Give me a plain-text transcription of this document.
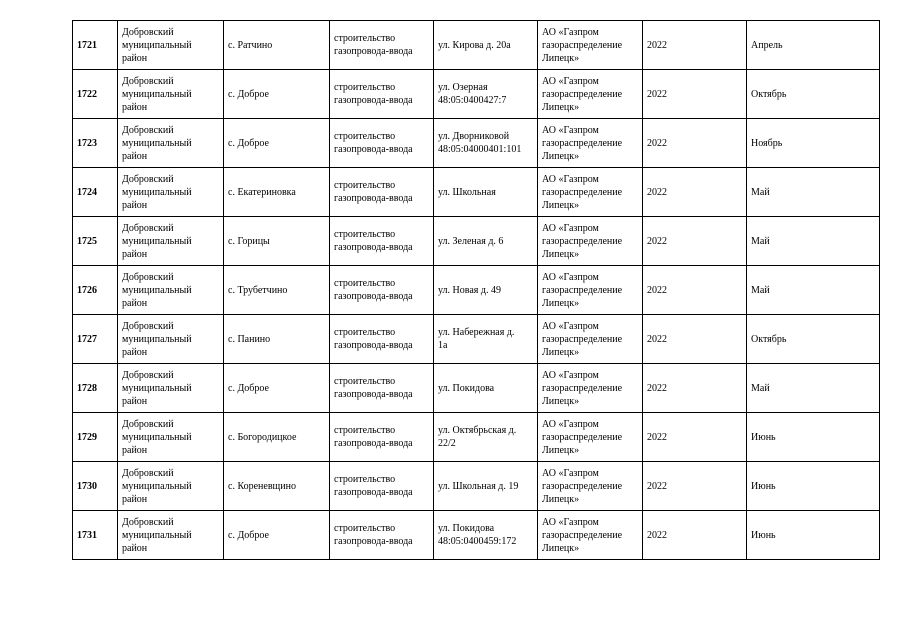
1721	Добровский
муниципальный
район	с. Ратчино	строительство
газопровода-ввода	ул. Кирова д. 20а	АО «Газпром
газораспределение
Липецк»	2022	Апрель
1722	Добровский
муниципальный
район	с. Доброе	строительство
газопровода-ввода	ул. Озерная
48:05:0400427:7	АО «Газпром
газораспределение
Липецк»	2022	Октябрь
1723	Добровский
муниципальный
район	с. Доброе	строительство
газопровода-ввода	ул. Дворниковой
48:05:04000401:101	АО «Газпром
газораспределение
Липецк»	2022	Ноябрь
1724	Добровский
муниципальный
район	с. Екатериновка	строительство
газопровода-ввода	ул. Школьная	АО «Газпром
газораспределение
Липецк»	2022	Май
1725	Добровский
муниципальный
район	с. Горицы	строительство
газопровода-ввода	ул. Зеленая д. 6	АО «Газпром
газораспределение
Липецк»	2022	Май
1726	Добровский
муниципальный
район	с. Трубетчино	строительство
газопровода-ввода	ул. Новая д. 49	АО «Газпром
газораспределение
Липецк»	2022	Май
1727	Добровский
муниципальный
район	с. Панино	строительство
газопровода-ввода	ул. Набережная д.
1а	АО «Газпром
газораспределение
Липецк»	2022	Октябрь
1728	Добровский
муниципальный
район	с. Доброе	строительство
газопровода-ввода	ул. Покидова	АО «Газпром
газораспределение
Липецк»	2022	Май
1729	Добровский
муниципальный
район	с. Богородицкое	строительство
газопровода-ввода	ул. Октябрьская д.
22/2	АО «Газпром
газораспределение
Липецк»	2022	Июнь
1730	Добровский
муниципальный
район	с. Кореневщино	строительство
газопровода-ввода	ул. Школьная д. 19	АО «Газпром
газораспределение
Липецк»	2022	Июнь
1731	Добровский
муниципальный
район	с. Доброе	строительство
газопровода-ввода	ул. Покидова
48:05:0400459:172	АО «Газпром
газораспределение
Липецк»	2022	Июнь
